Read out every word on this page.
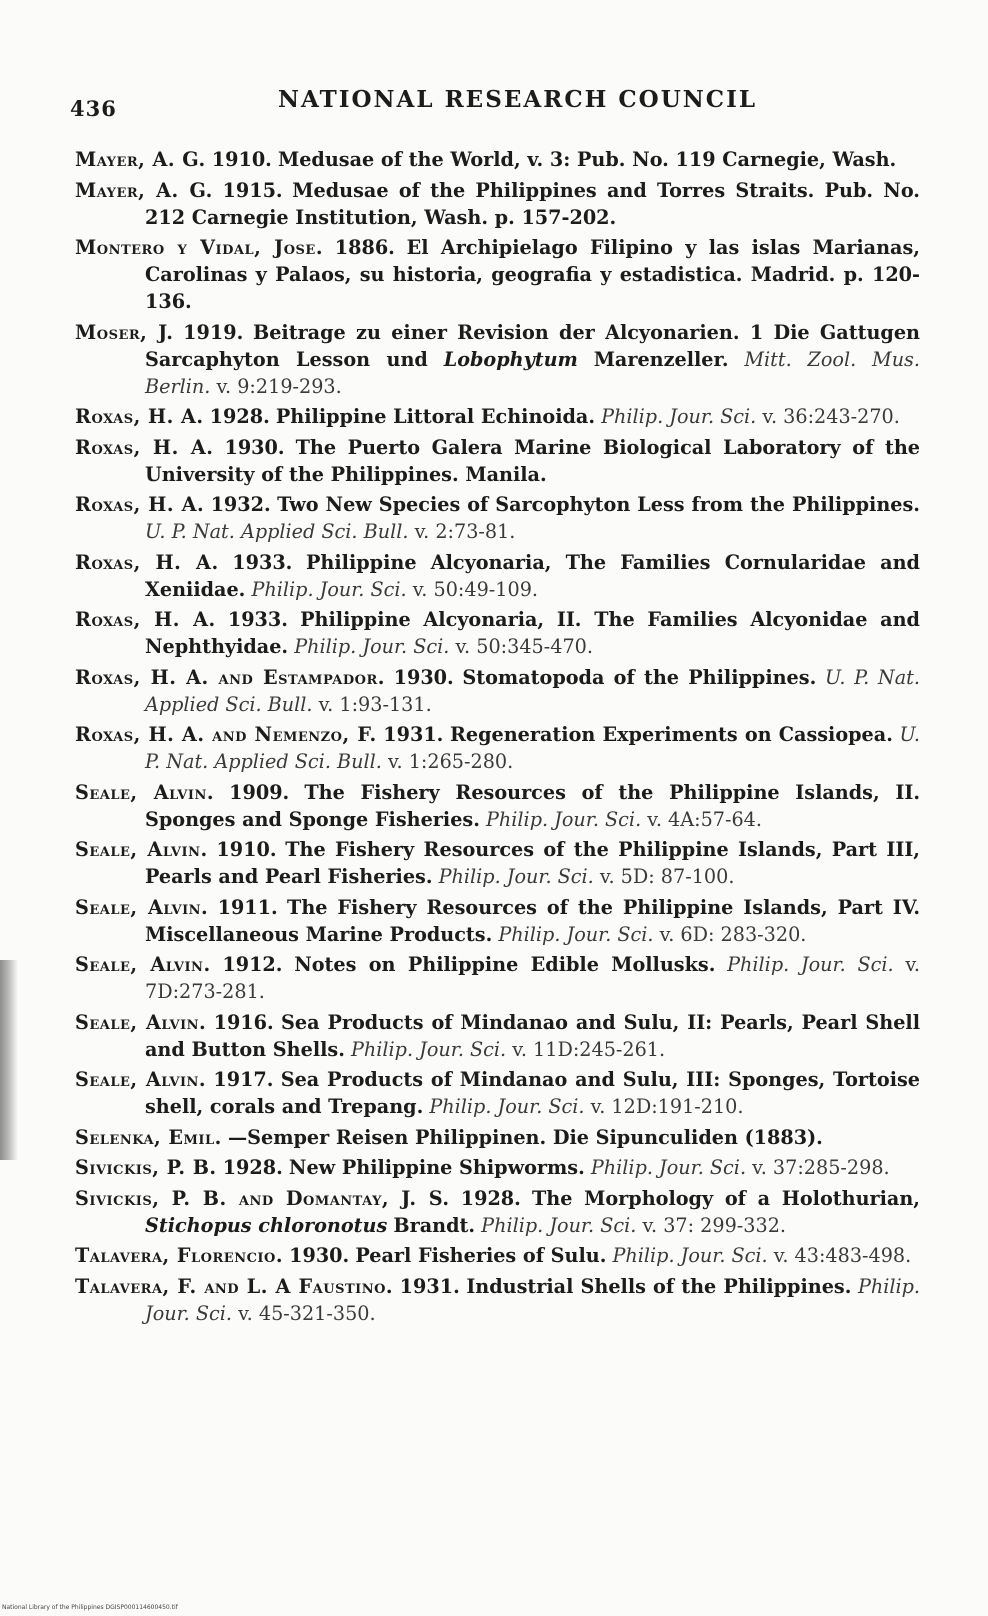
436	NATIONAL RESEARCH COUNCIL

Mayer, A. G. 1910. Medusae of the World, v. 3: Pub. No. 119 Carnegie, Wash.

Mayer, A. G. 1915. Medusae of the Philippines and Torres Straits. Pub. No. 212 Carnegie Institution, Wash. p. 157-202.

Montero y Vidal, Jose. 1886. El Archipielago Filipino y las islas Marianas, Carolinas y Palaos, su historia, geografia y estadistica. Madrid. p. 120-136.

Moser, J. 1919. Beitrage zu einer Revision der Alcyonarien. 1 Die Gattugen Sarcaphyton Lesson und Lobophytum Marenzeller. Mitt. Zool. Mus. Berlin. v. 9:219-293.

Roxas, H. A. 1928. Philippine Littoral Echinoida. Philip. Jour. Sci. v. 36:243-270.

Roxas, H. A. 1930. The Puerto Galera Marine Biological Laboratory of the University of the Philippines. Manila.

Roxas, H. A. 1932. Two New Species of Sarcophyton Less from the Philippines. U. P. Nat. Applied Sci. Bull. v. 2:73-81.

Roxas, H. A. 1933. Philippine Alcyonaria, The Families Cornularidae and Xeniidae. Philip. Jour. Sci. v. 50:49-109.

Roxas, H. A. 1933. Philippine Alcyonaria, II. The Families Alcyonidae and Nephthyidae. Philip. Jour. Sci. v. 50:345-470.

Roxas, H. A. and Estampador. 1930. Stomatopoda of the Philippines. U. P. Nat. Applied Sci. Bull. v. 1:93-131.

Roxas, H. A. and Nemenzo, F. 1931. Regeneration Experiments on Cassiopea. U. P. Nat. Applied Sci. Bull. v. 1:265-280.

Seale, Alvin. 1909. The Fishery Resources of the Philippine Islands, II. Sponges and Sponge Fisheries. Philip. Jour. Sci. v. 4A:57-64.

Seale, Alvin. 1910. The Fishery Resources of the Philippine Islands, Part III, Pearls and Pearl Fisheries. Philip. Jour. Sci. v. 5D: 87-100.

Seale, Alvin. 1911. The Fishery Resources of the Philippine Islands, Part IV. Miscellaneous Marine Products. Philip. Jour. Sci. v. 6D: 283-320.

Seale, Alvin. 1912. Notes on Philippine Edible Mollusks. Philip. Jour. Sci. v. 7D:273-281.

Seale, Alvin. 1916. Sea Products of Mindanao and Sulu, II: Pearls, Pearl Shell and Button Shells. Philip. Jour. Sci. v. 11D:245-261.

Seale, Alvin. 1917. Sea Products of Mindanao and Sulu, III: Sponges, Tortoise shell, corals and Trepang. Philip. Jour. Sci. v. 12D:191-210.

Selenka, Emil. —Semper Reisen Philippinen. Die Sipunculiden (1883).

Sivickis, P. B. 1928. New Philippine Shipworms. Philip. Jour. Sci. v. 37:285-298.

Sivickis, P. B. and Domantay, J. S. 1928. The Morphology of a Holothurian, Stichopus chloronotus Brandt. Philip. Jour. Sci. v. 37: 299-332.

Talavera, Florencio. 1930. Pearl Fisheries of Sulu. Philip. Jour. Sci. v. 43:483-498.

Talavera, F. and L. A Faustino. 1931. Industrial Shells of the Philippines. Philip. Jour. Sci. v. 45-321-350.

National Library of the Philippines DGISP000114600450.tif
